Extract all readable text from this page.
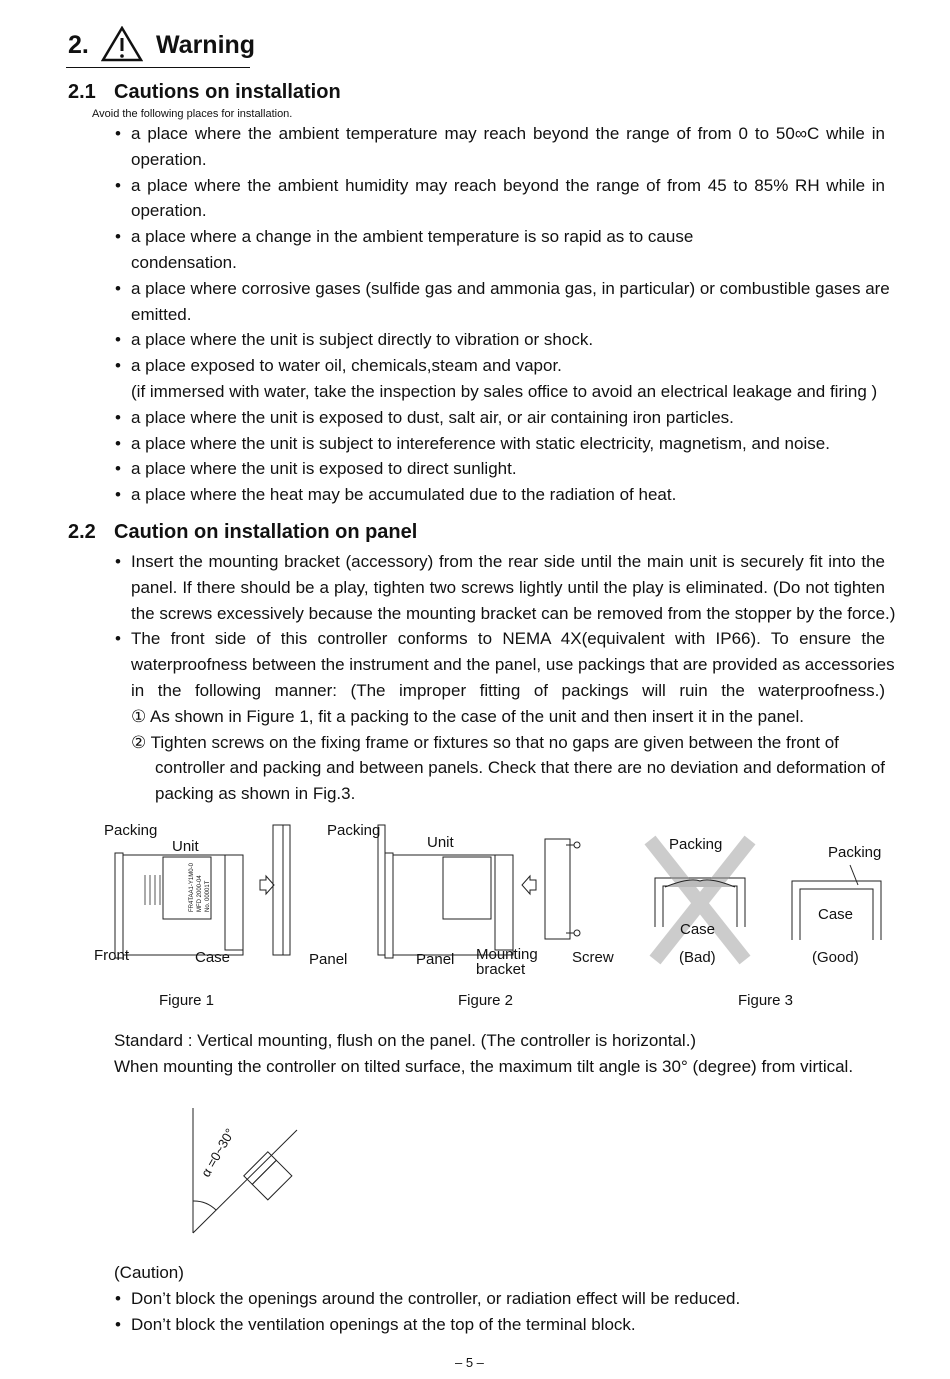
2.	Warning
2.1 Cautions on installation
Avoid the following places for installation.
• a place where the ambient temperature may reach beyond the range of from 0 to 50∞C while in
operation.
• a place where the ambient humidity may reach beyond the range of from 45 to 85% RH while in
operation.
• a place where a change in the ambient temperature is so rapid as to cause
condensation.
• a place where corrosive gases (sulfide gas and ammonia gas, in particular) or combustible gases are
emitted.
• a place where the unit is subject directly to vibration or shock.
• a place exposed to water oil, chemicals,steam and vapor.
(if immersed with water, take the inspection by sales office to avoid an electrical leakage and firing )
• a place where the unit is exposed to dust, salt air, or air containing iron particles.
• a place where the unit is subject to intereference with static electricity, magnetism, and noise.
• a place where the unit is exposed to direct sunlight.
• a place where the heat may be accumulated due to the radiation of heat.
2.2 Caution on installation on panel
• Insert the mounting bracket (accessory) from the rear side until the main unit is securely fit into the
panel. If there should be a play, tighten two screws lightly until the play is eliminated. (Do not tighten
the screws excessively because the mounting bracket can be removed from the stopper by the force.)
• The front side of this controller conforms to NEMA 4X(equivalent with IP66). To ensure the
waterproofness between the instrument and the panel, use packings that are provided as accessories
in the following manner: (The improper fitting of packings will ruin the waterproofness.)
① As shown in Figure 1, fit a packing to the case of the unit and then insert it in the panel.
② Tighten screws on the fixing frame or fixtures so that no gaps are given between the front of
controller and packing and between panels. Check that there are no deviation and deformation of
packing as shown in Fig.3.
FR4TAA1-Y1M0-0 MFD 2000-04 No. 00001T
Packing
Unit
Front	Case	Panel
Figure 1
Packing
Unit
Panel Mounting
bracket
Screw
Figure 2
Packing
Case
(Bad)
Packing
Case
(Good)
Figure 3
Standard : Vertical mounting, flush on the panel. (The controller is horizontal.)
When mounting the controller on tilted surface, the maximum tilt angle is 30° (degree) from virtical.
α =0~30°
(Caution)
• Don’t block the openings around the controller, or radiation effect will be reduced.
• Don’t block the ventilation openings at the top of the terminal block.
– 5 –
